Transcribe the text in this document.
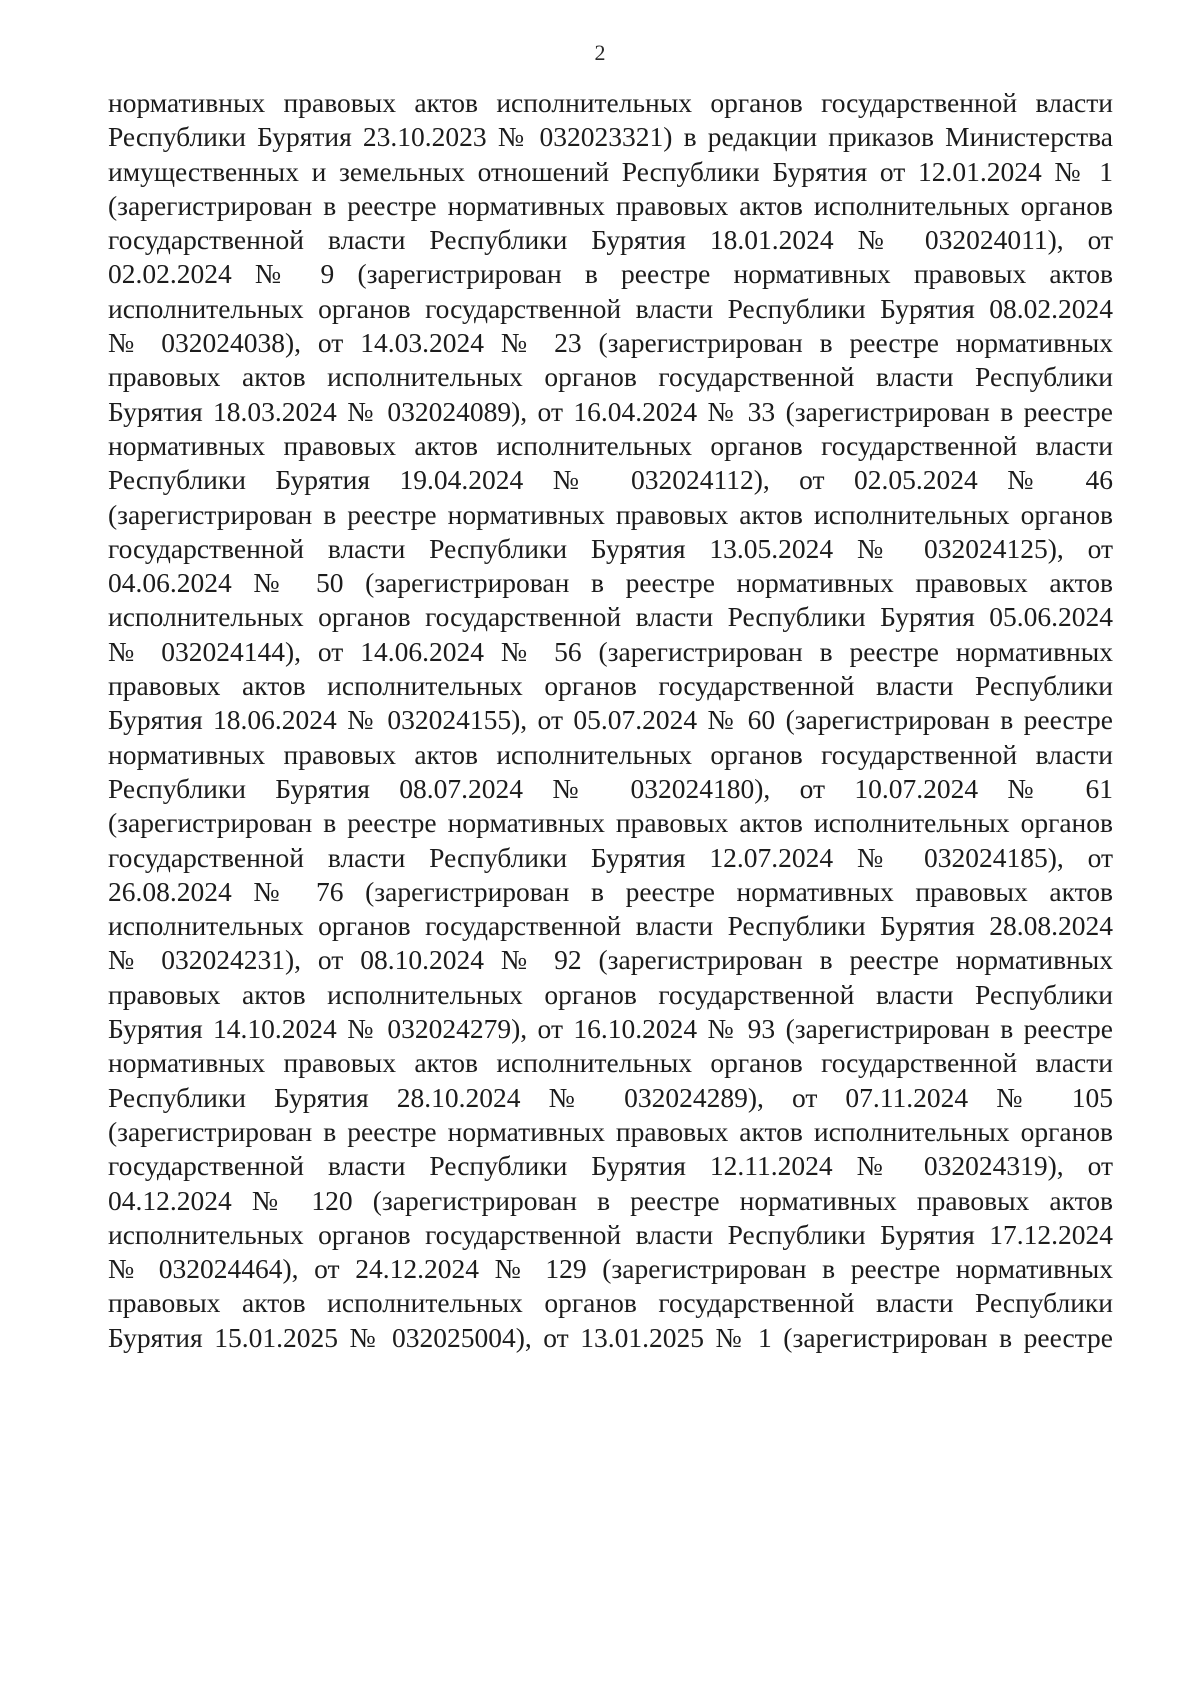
2
нормативных правовых актов исполнительных органов государственной власти
Республики Бурятия 23.10.2023 № 032023321) в редакции приказов Министерства
имущественных и земельных отношений Республики Бурятия от 12.01.2024 № 1
(зарегистрирован в реестре нормативных правовых актов исполнительных органов
государственной власти Республики Бурятия 18.01.2024 № 032024011), от
02.02.2024 № 9 (зарегистрирован в реестре нормативных правовых актов
исполнительных органов государственной власти Республики Бурятия 08.02.2024
№ 032024038), от 14.03.2024 № 23 (зарегистрирован в реестре нормативных
правовых актов исполнительных органов государственной власти Республики
Бурятия 18.03.2024 № 032024089), от 16.04.2024 № 33 (зарегистрирован в реестре
нормативных правовых актов исполнительных органов государственной власти
Республики Бурятия 19.04.2024 № 032024112), от 02.05.2024 № 46
(зарегистрирован в реестре нормативных правовых актов исполнительных органов
государственной власти Республики Бурятия 13.05.2024 № 032024125), от
04.06.2024 № 50 (зарегистрирован в реестре нормативных правовых актов
исполнительных органов государственной власти Республики Бурятия 05.06.2024
№ 032024144), от 14.06.2024 № 56 (зарегистрирован в реестре нормативных
правовых актов исполнительных органов государственной власти Республики
Бурятия 18.06.2024 № 032024155), от 05.07.2024 № 60 (зарегистрирован в реестре
нормативных правовых актов исполнительных органов государственной власти
Республики Бурятия 08.07.2024 № 032024180), от 10.07.2024 № 61
(зарегистрирован в реестре нормативных правовых актов исполнительных органов
государственной власти Республики Бурятия 12.07.2024 № 032024185), от
26.08.2024 № 76 (зарегистрирован в реестре нормативных правовых актов
исполнительных органов государственной власти Республики Бурятия 28.08.2024
№ 032024231), от 08.10.2024 № 92 (зарегистрирован в реестре нормативных
правовых актов исполнительных органов государственной власти Республики
Бурятия 14.10.2024 № 032024279), от 16.10.2024 № 93 (зарегистрирован в реестре
нормативных правовых актов исполнительных органов государственной власти
Республики Бурятия 28.10.2024 № 032024289), от 07.11.2024 № 105
(зарегистрирован в реестре нормативных правовых актов исполнительных органов
государственной власти Республики Бурятия 12.11.2024 № 032024319), от
04.12.2024 № 120 (зарегистрирован в реестре нормативных правовых актов
исполнительных органов государственной власти Республики Бурятия 17.12.2024
№ 032024464), от 24.12.2024 № 129 (зарегистрирован в реестре нормативных
правовых актов исполнительных органов государственной власти Республики
Бурятия 15.01.2025 № 032025004), от 13.01.2025 № 1 (зарегистрирован в реестре
